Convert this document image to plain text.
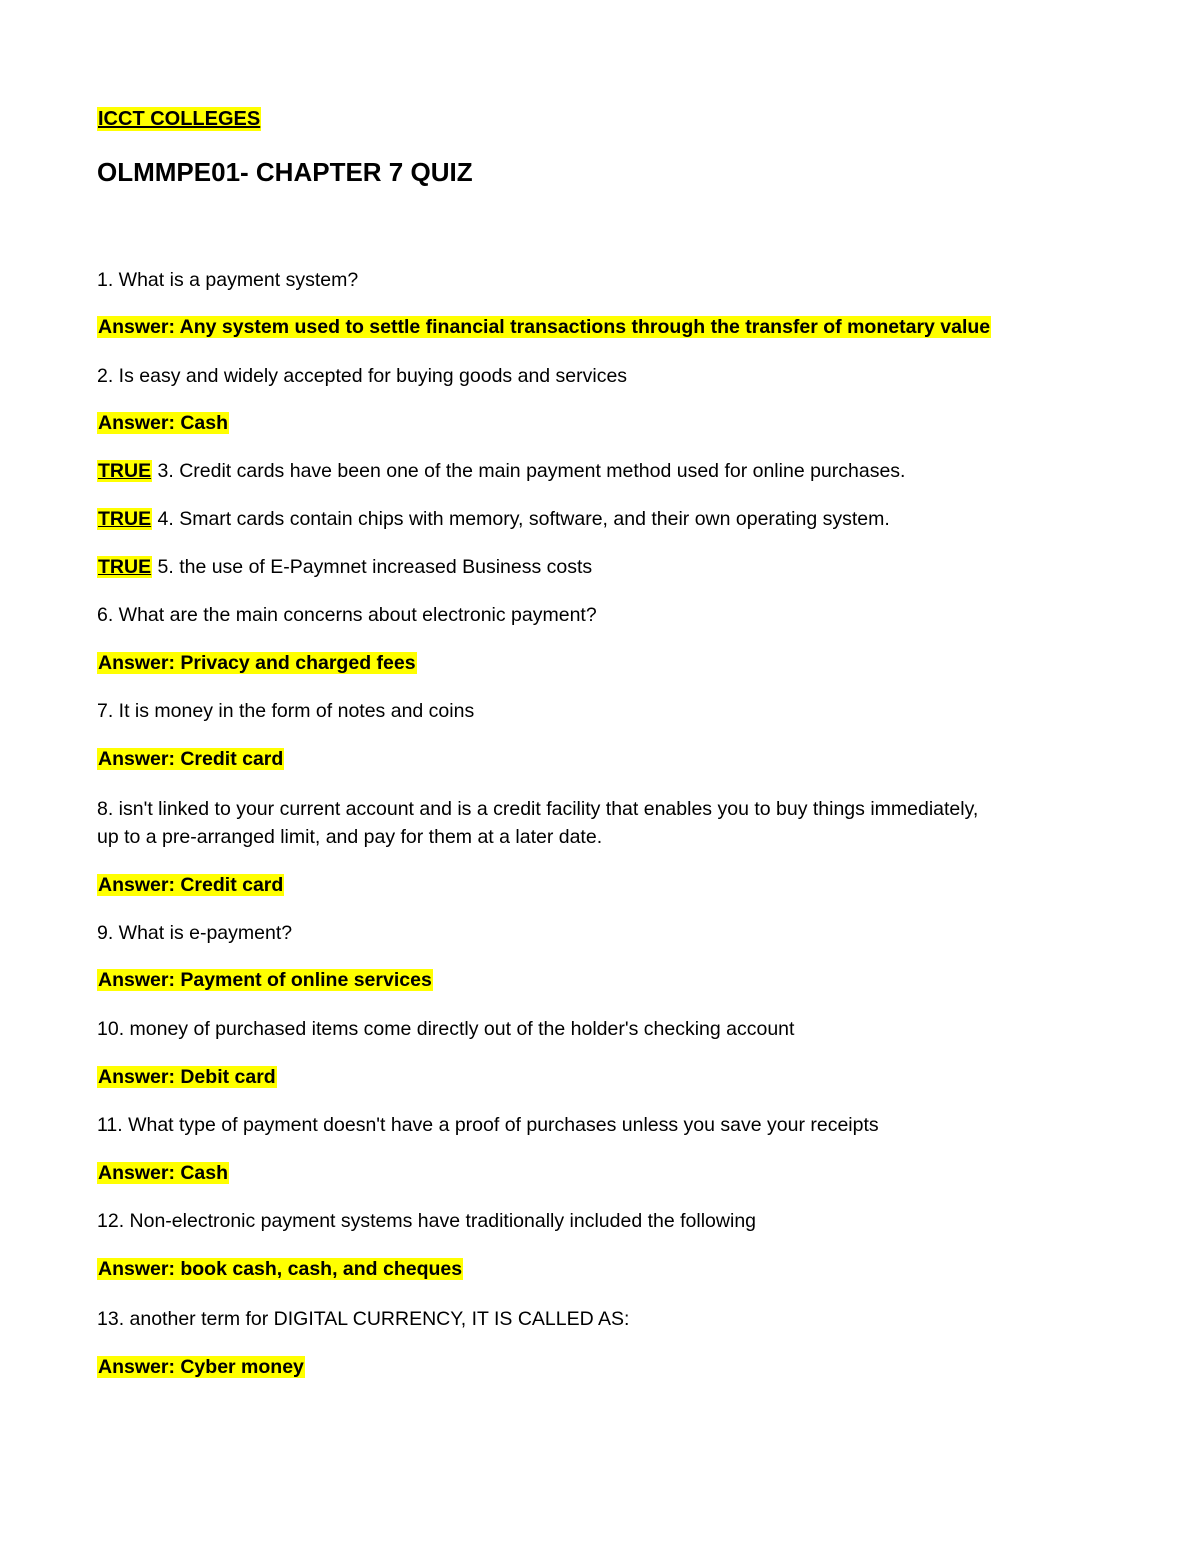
ICCT COLLEGES
OLMMPE01- CHAPTER 7 QUIZ
1. What is a payment system?
Answer: Any system used to settle financial transactions through the transfer of monetary value
2. Is easy and widely accepted for buying goods and services
Answer: Cash
TRUE 3. Credit cards have been one of the main payment method used for online purchases.
TRUE 4. Smart cards contain chips with memory, software, and their own operating system.
TRUE 5. the use of E-Paymnet increased Business costs
6. What are the main concerns about electronic payment?
Answer: Privacy and charged fees
7. It is money in the form of notes and coins
Answer: Credit card
8. isn't linked to your current account and is a credit facility that enables you to buy things immediately,
up to a pre-arranged limit, and pay for them at a later date.
Answer: Credit card
9. What is e-payment?
Answer: Payment of online services
10. money of purchased items come directly out of the holder's checking account
Answer: Debit card
11. What type of payment doesn't have a proof of purchases unless you save your receipts
Answer: Cash
12. Non-electronic payment systems have traditionally included the following
Answer: book cash, cash, and cheques
13. another term for DIGITAL CURRENCY, IT IS CALLED AS:
Answer: Cyber money
